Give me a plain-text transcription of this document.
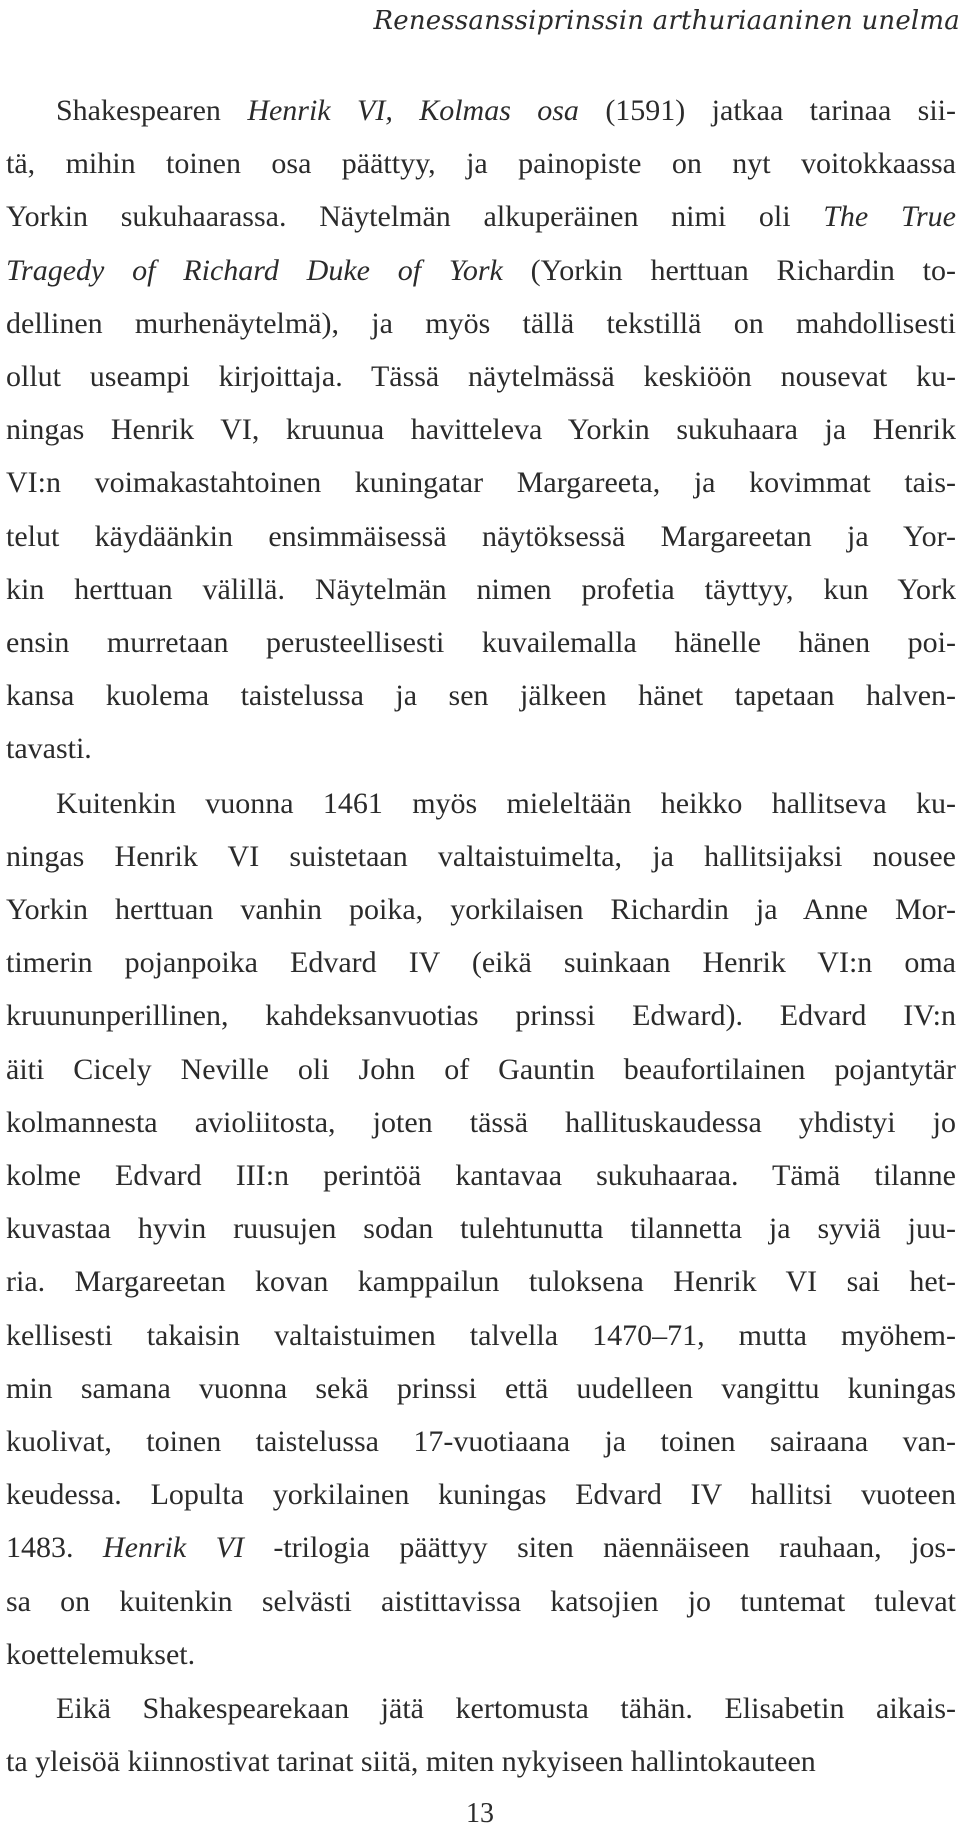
Renessanssiprinssin arthuriaaninen unelma

Shakespearen Henrik VI, Kolmas osa (1591) jatkaa tarinaa sii-
tä, mihin toinen osa päättyy, ja painopiste on nyt voitokkaassa
Yorkin sukuhaarassa. Näytelmän alkuperäinen nimi oli The True
Tragedy of Richard Duke of York (Yorkin herttuan Richardin to-
dellinen murhenäytelmä), ja myös tällä tekstillä on mahdollisesti
ollut useampi kirjoittaja. Tässä näytelmässä keskiöön nousevat ku-
ningas Henrik VI, kruunua havitteleva Yorkin sukuhaara ja Henrik
VI:n voimakastahtoinen kuningatar Margareeta, ja kovimmat tais-
telut käydäänkin ensimmäisessä näytöksessä Margareetan ja Yor-
kin herttuan välillä. Näytelmän nimen profetia täyttyy, kun York
ensin murretaan perusteellisesti kuvailemalla hänelle hänen poi-
kansa kuolema taistelussa ja sen jälkeen hänet tapetaan halven-
tavasti.

Kuitenkin vuonna 1461 myös mieleltään heikko hallitseva ku-
ningas Henrik VI suistetaan valtaistuimelta, ja hallitsijaksi nousee
Yorkin herttuan vanhin poika, yorkilaisen Richardin ja Anne Mor-
timerin pojanpoika Edvard IV (eikä suinkaan Henrik VI:n oma
kruununperillinen, kahdeksanvuotias prinssi Edward). Edvard IV:n
äiti Cicely Neville oli John of Gauntin beaufortilainen pojantytär
kolmannesta avioliitosta, joten tässä hallituskaudessa yhdistyi jo
kolme Edvard III:n perintöä kantavaa sukuhaaraa. Tämä tilanne
kuvastaa hyvin ruusujen sodan tulehtunutta tilannetta ja syviä juu-
ria. Margareetan kovan kamppailun tuloksena Henrik VI sai het-
kellisesti takaisin valtaistuimen talvella 1470–71, mutta myöhem-
min samana vuonna sekä prinssi että uudelleen vangittu kuningas
kuolivat, toinen taistelussa 17-vuotiaana ja toinen sairaana van-
keudessa. Lopulta yorkilainen kuningas Edvard IV hallitsi vuoteen
1483. Henrik VI -trilogia päättyy siten näennäiseen rauhaan, jos-
sa on kuitenkin selvästi aistittavissa katsojien jo tuntemat tulevat
koettelemukset.

Eikä Shakespearekaan jätä kertomusta tähän. Elisabetin aikais-
ta yleisöä kiinnostivat tarinat siitä, miten nykyiseen hallintokauteen

13
